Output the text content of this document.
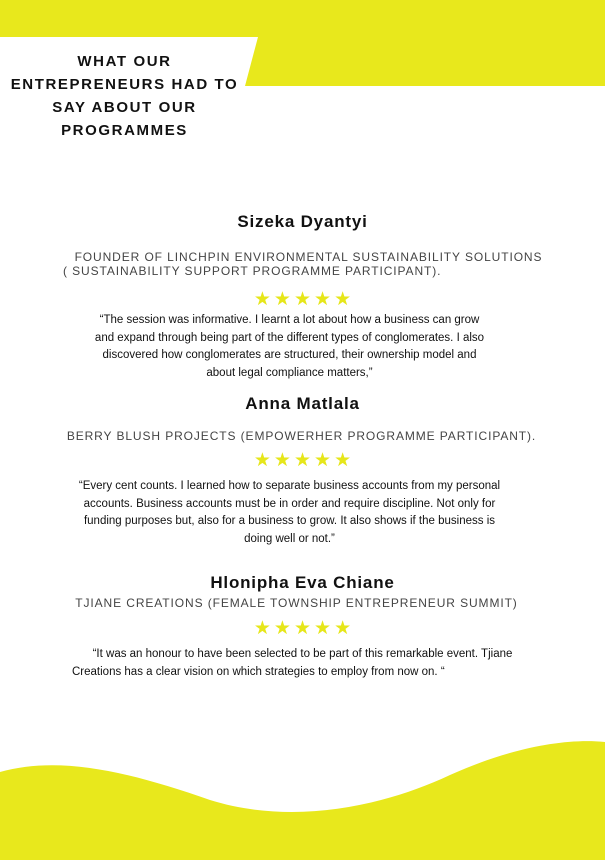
WHAT OUR ENTREPRENEURS HAD TO SAY ABOUT OUR PROGRAMMES
Sizeka Dyantyi
FOUNDER OF LINCHPIN ENVIRONMENTAL SUSTAINABILITY SOLUTIONS
( SUSTAINABILITY SUPPORT PROGRAMME PARTICIPANT).
★ ★ ★ ★ ★
“The session was informative. I learnt a lot about how a business can grow
and expand through being part of the different types of conglomerates. I also
discovered how conglomerates are structured, their ownership model and
about legal compliance matters,”
Anna Matlala
BERRY BLUSH PROJECTS (EMPOWERHER PROGRAMME PARTICIPANT).
★ ★ ★ ★ ★
“Every cent counts. I learned how to separate business accounts from my personal
accounts. Business accounts must be in order and require discipline. Not only for
funding purposes but, also for a business to grow. It also shows if the business is
doing well or not.”
Hlonipha Eva Chiane
TJIANE CREATIONS (FEMALE TOWNSHIP ENTREPRENEUR SUMMIT)
★ ★ ★ ★ ★
“It was an honour to have been selected to be part of this remarkable event. Tjiane
Creations has a clear vision on which strategies to employ from now on. “
